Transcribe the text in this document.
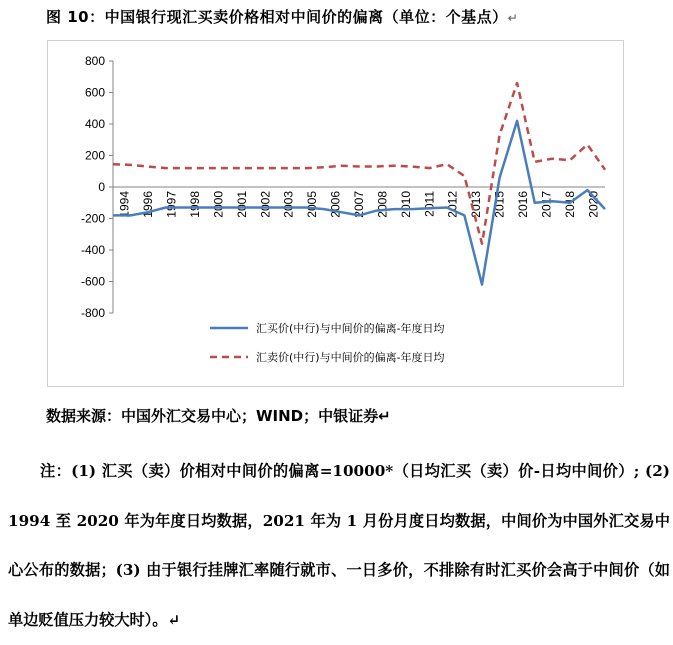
图 10：中国银行现汇买卖价格相对中间价的偏离（单位：个基点）↵
800
600
400
200
0
-200
-400
-600
-800
1994 1996 1997 1998 2000 2001 2002 2003 2005 2006 2007 2008 2010 2011 2012 2013 2015 2016 2017 2018 2020
汇买价(中行)与中间价的偏离-年度日均
汇卖价(中行)与中间价的偏离-年度日均
数据来源：中国外汇交易中心；WIND；中银证券↵

注：(1) 汇买（卖）价相对中间价的偏离=10000*（日均汇买（卖）价-日均中间价）; (2) 1994 至 2020 年为年度日均数据，2021 年为 1 月份月度日均数据，中间价为中国外汇交易中心公布的数据；(3) 由于银行挂牌汇率随行就市、一日多价，不排除有时汇买价会高于中间价（如单边贬值压力较大时）。↵
